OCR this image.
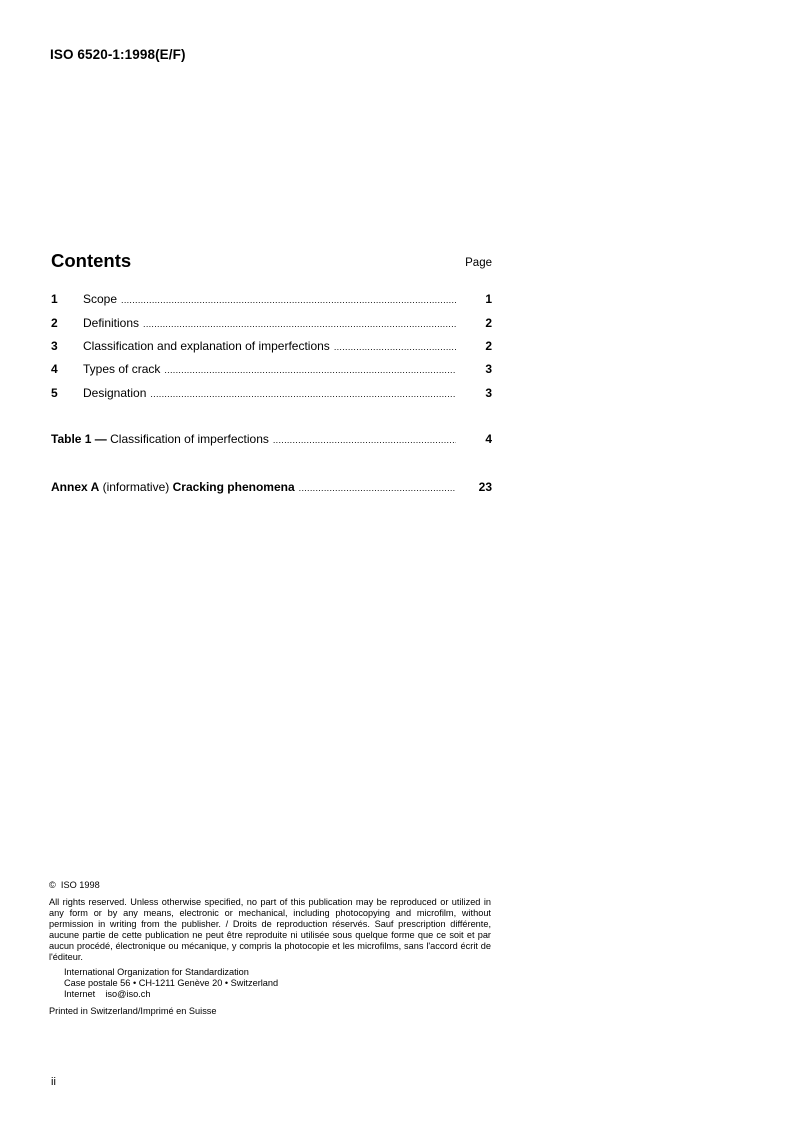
ISO 6520-1:1998(E/F)
Contents	Page
1	Scope .....	1
2	Definitions .....	2
3	Classification and explanation of imperfections .....	2
4	Types of crack .....	3
5	Designation .....	3
Table 1 — Classification of imperfections .....	4
Annex A (informative) Cracking phenomena .....	23
© ISO 1998
All rights reserved. Unless otherwise specified, no part of this publication may be reproduced or utilized in any form or by any means, electronic or mechanical, including photocopying and microfilm, without permission in writing from the publisher. / Droits de reproduction réservés. Sauf prescription différente, aucune partie de cette publication ne peut être reproduite ni utilisée sous quelque forme que ce soit et par aucun procédé, électronique ou mécanique, y compris la photocopie et les microfilms, sans l'accord écrit de l'éditeur.
International Organization for Standardization
Case postale 56 • CH-1211 Genève 20 • Switzerland
Internet    iso@iso.ch
Printed in Switzerland/Imprimé en Suisse
ii
